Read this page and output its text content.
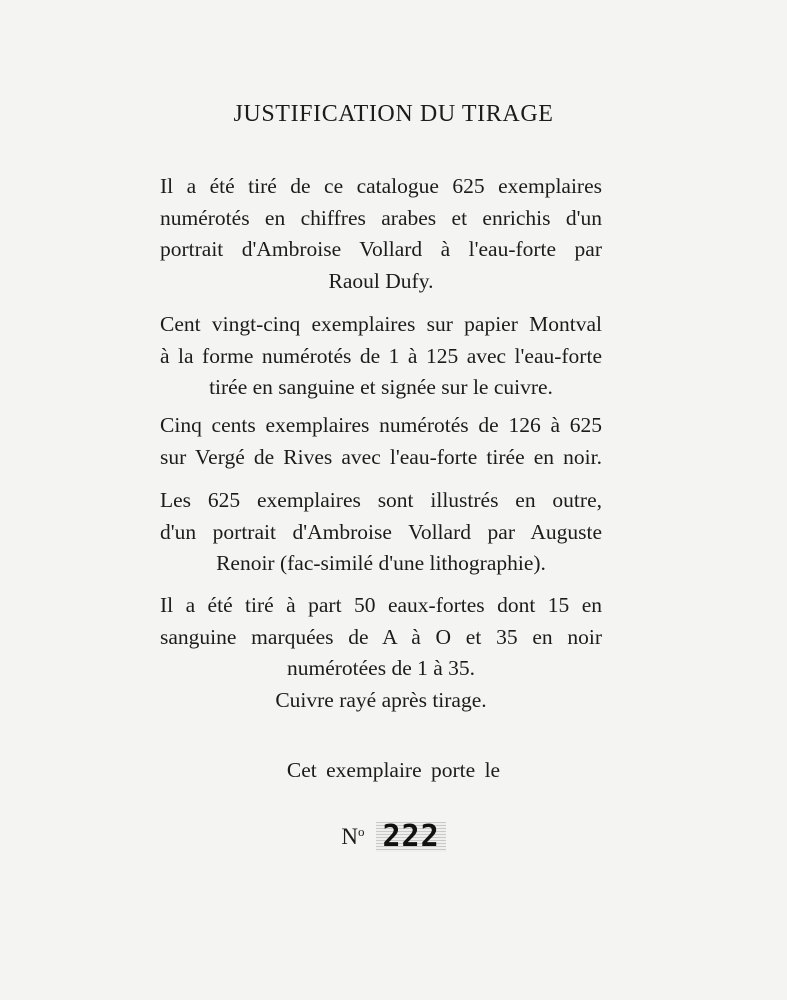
JUSTIFICATION DU TIRAGE
Il a été tiré de ce catalogue 625 exemplaires
numérotés en chiffres arabes et enrichis d'un
portrait d'Ambroise Vollard à l'eau-forte par
Raoul Dufy.
Cent vingt-cinq exemplaires sur papier Montval
à la forme numérotés de 1 à 125 avec l'eau-forte
tirée en sanguine et signée sur le cuivre.
Cinq cents exemplaires numérotés de 126 à 625
sur Vergé de Rives avec l'eau-forte tirée en noir.
Les 625 exemplaires sont illustrés en outre,
d'un portrait d'Ambroise Vollard par Auguste
Renoir (fac-similé d'une lithographie).
Il a été tiré à part 50 eaux-fortes dont 15 en
sanguine marquées de A à O et 35 en noir
numérotées de 1 à 35.
Cuivre rayé après tirage.
Cet exemplaire porte le
$N^o$ 222
